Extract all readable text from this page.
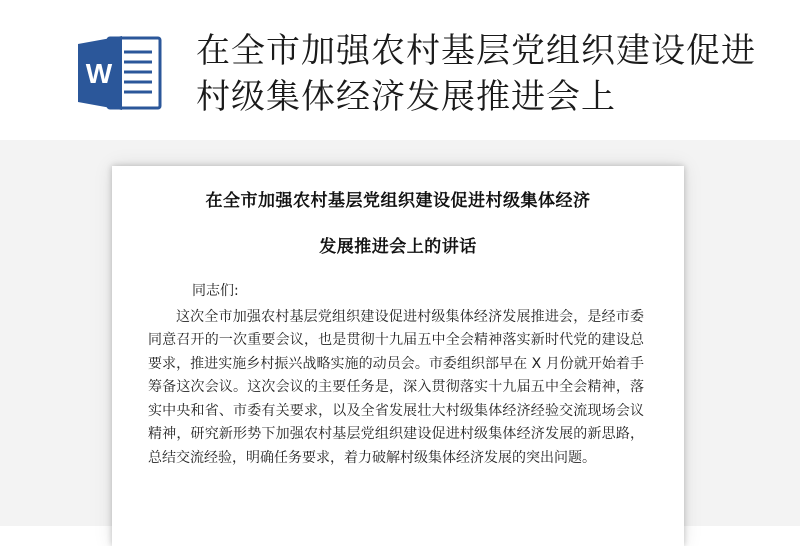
W
在全市加强农村基层党组织建设促进村级集体经济发展推进会上

在全市加强农村基层党组织建设促进村级集体经济

发展推进会上的讲话

同志们:

这次全市加强农村基层党组织建设促进村级集体经济发展推进会，是经市委同意召开的一次重要会议，也是贯彻十九届五中全会精神落实新时代党的建设总要求，推进实施乡村振兴战略实施的动员会。市委组织部早在 X 月份就开始着手筹备这次会议。这次会议的主要任务是，深入贯彻落实十九届五中全会精神，落实中央和省、市委有关要求，以及全省发展壮大村级集体经济经验交流现场会议精神，研究新形势下加强农村基层党组织建设促进村级集体经济发展的新思路，总结交流经验，明确任务要求，着力破解村级集体经济发展的突出问题。
